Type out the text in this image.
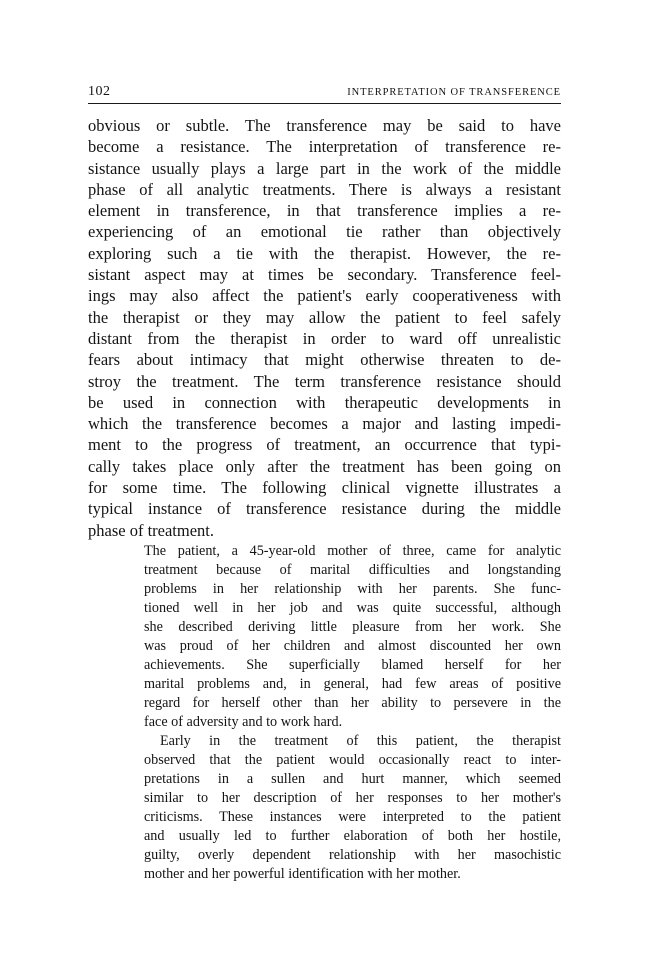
102	INTERPRETATION OF TRANSFERENCE
obvious or subtle. The transference may be said to have
become a resistance. The interpretation of transference re-
sistance usually plays a large part in the work of the middle
phase of all analytic treatments. There is always a resistant
element in transference, in that transference implies a re-
experiencing of an emotional tie rather than objectively
exploring such a tie with the therapist. However, the re-
sistant aspect may at times be secondary. Transference feel-
ings may also affect the patient's early cooperativeness with
the therapist or they may allow the patient to feel safely
distant from the therapist in order to ward off unrealistic
fears about intimacy that might otherwise threaten to de-
stroy the treatment. The term transference resistance should
be used in connection with therapeutic developments in
which the transference becomes a major and lasting impedi-
ment to the progress of treatment, an occurrence that typi-
cally takes place only after the treatment has been going on
for some time. The following clinical vignette illustrates a
typical instance of transference resistance during the middle
phase of treatment.
The patient, a 45-year-old mother of three, came for analytic
treatment because of marital difficulties and longstanding
problems in her relationship with her parents. She func-
tioned well in her job and was quite successful, although
she described deriving little pleasure from her work. She
was proud of her children and almost discounted her own
achievements. She superficially blamed herself for her
marital problems and, in general, had few areas of positive
regard for herself other than her ability to persevere in the
face of adversity and to work hard.
Early in the treatment of this patient, the therapist
observed that the patient would occasionally react to inter-
pretations in a sullen and hurt manner, which seemed
similar to her description of her responses to her mother's
criticisms. These instances were interpreted to the patient
and usually led to further elaboration of both her hostile,
guilty, overly dependent relationship with her masochistic
mother and her powerful identification with her mother.
